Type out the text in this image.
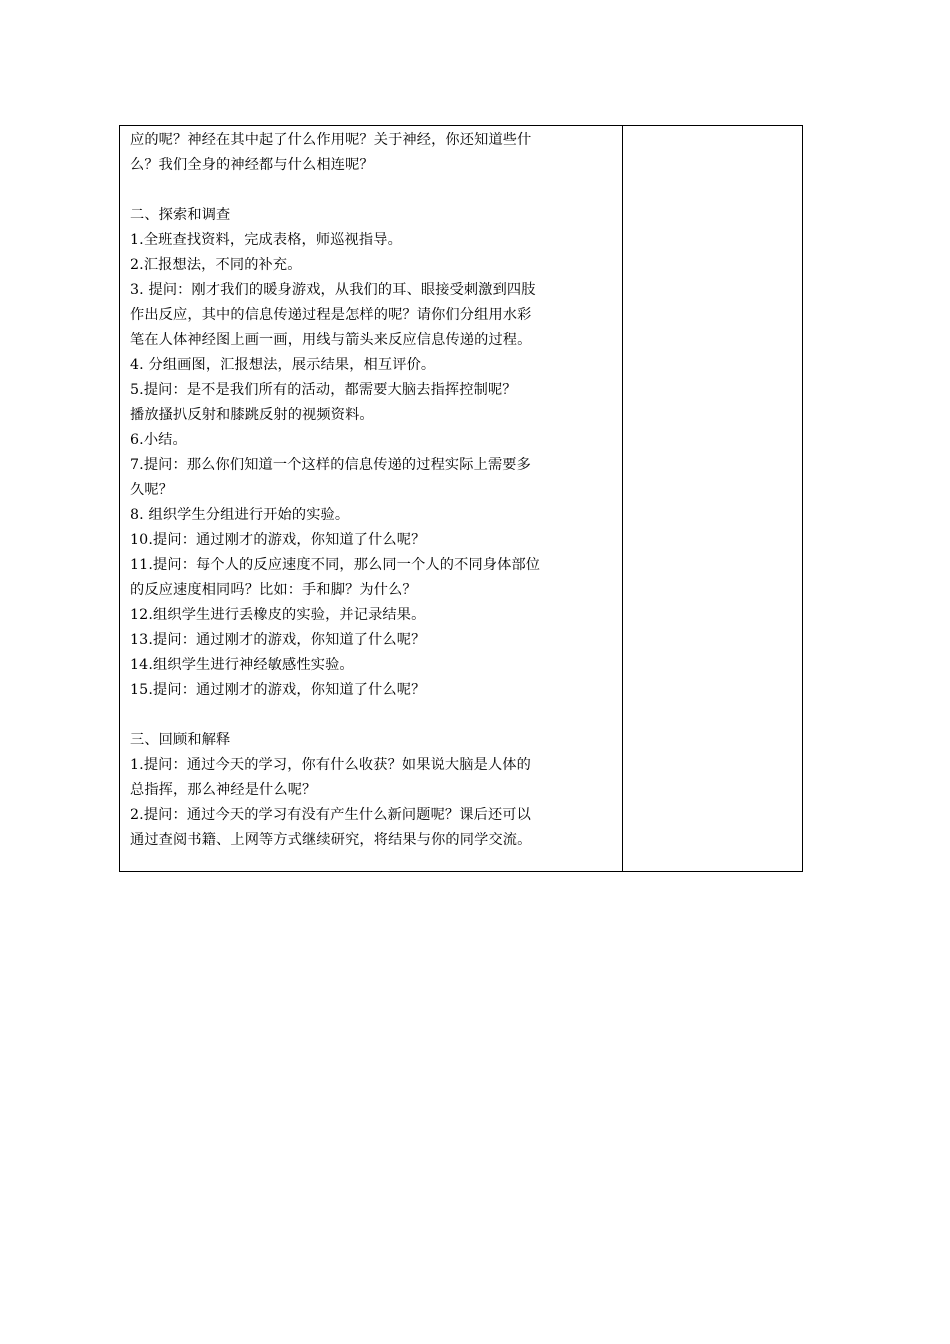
应的呢？神经在其中起了什么作用呢？关于神经，你还知道些什
么？我们全身的神经都与什么相连呢？
二、探索和调查
1.全班查找资料，完成表格，师巡视指导。
2.汇报想法，不同的补充。
3. 提问：刚才我们的暖身游戏，从我们的耳、眼接受刺激到四肢
作出反应，其中的信息传递过程是怎样的呢？请你们分组用水彩
笔在人体神经图上画一画，用线与箭头来反应信息传递的过程。
4. 分组画图，汇报想法，展示结果，相互评价。
5.提问：是不是我们所有的活动，都需要大脑去指挥控制呢？
播放搔扒反射和膝跳反射的视频资料。
6.小结。
7.提问：那么你们知道一个这样的信息传递的过程实际上需要多
久呢？
8. 组织学生分组进行开始的实验。
10.提问：通过刚才的游戏，你知道了什么呢？
11.提问：每个人的反应速度不同，那么同一个人的不同身体部位
的反应速度相同吗？比如：手和脚？为什么？
12.组织学生进行丢橡皮的实验，并记录结果。
13.提问：通过刚才的游戏，你知道了什么呢？
14.组织学生进行神经敏感性实验。
15.提问：通过刚才的游戏，你知道了什么呢？
三、回顾和解释
1.提问：通过今天的学习，你有什么收获？如果说大脑是人体的
总指挥，那么神经是什么呢？
2.提问：通过今天的学习有没有产生什么新问题呢？课后还可以
通过查阅书籍、上网等方式继续研究，将结果与你的同学交流。
